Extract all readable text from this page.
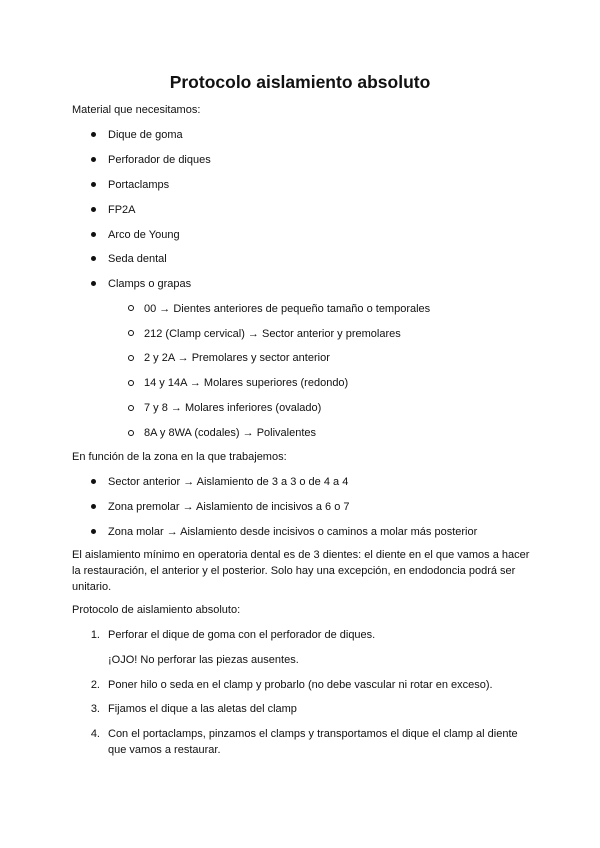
Protocolo aislamiento absoluto

Material que necesitamos:

Dique de goma

Perforador de diques

Portaclamps

FP2A

Arco de Young

Seda dental

Clamps o grapas

00 → Dientes anteriores de pequeño tamaño o temporales

212 (Clamp cervical) → Sector anterior y premolares

2 y 2A → Premolares y sector anterior

14 y 14A → Molares superiores (redondo)

7 y 8 → Molares inferiores (ovalado)

8A y 8WA (codales) → Polivalentes

En función de la zona en la que trabajemos:

Sector anterior → Aislamiento de 3 a 3 o de 4 a 4

Zona premolar → Aislamiento de incisivos a 6 o 7

Zona molar → Aislamiento desde incisivos o caminos a molar más posterior

El aislamiento mínimo en operatoria dental es de 3 dientes: el diente en el que vamos a hacer la restauración, el anterior y el posterior. Solo hay una excepción, en endodoncia podrá ser unitario.

Protocolo de aislamiento absoluto:

1. Perforar el dique de goma con el perforador de diques.

¡OJO! No perforar las piezas ausentes.

2. Poner hilo o seda en el clamp y probarlo (no debe vascular ni rotar en exceso).

3. Fijamos el dique a las aletas del clamp

4. Con el portaclamps, pinzamos el clamps y transportamos el dique el clamp al diente que vamos a restaurar.
